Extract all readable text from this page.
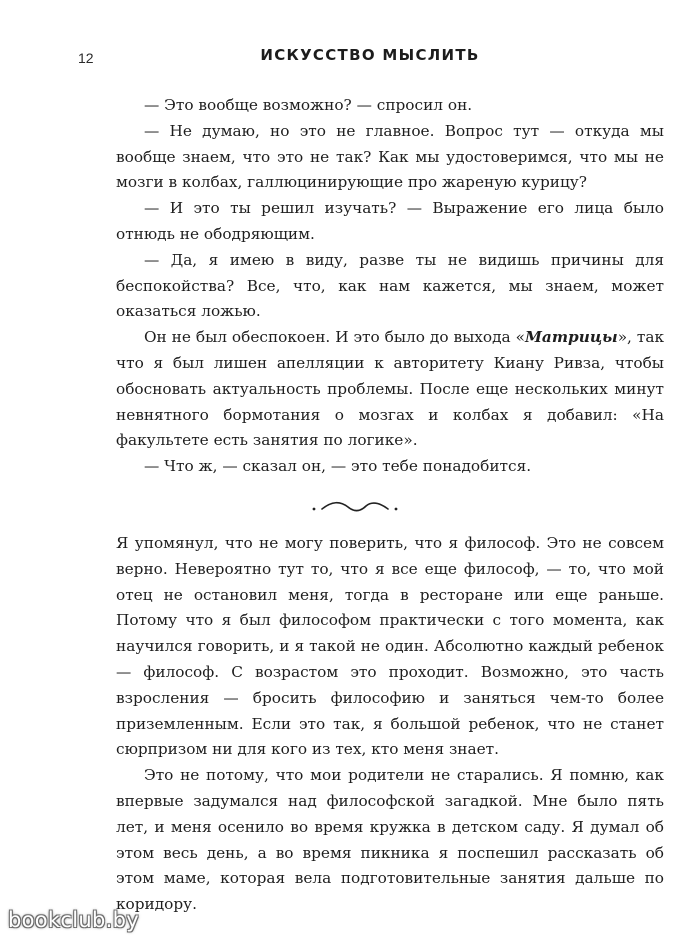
12	ИСКУССТВО МЫСЛИТЬ

— Это вообще возможно? — спросил он.

— Не думаю, но это не главное. Вопрос тут — откуда мы вообще знаем, что это не так? Как мы удостоверимся, что мы не мозги в колбах, галлюцинирующие про жареную курицу?

— И это ты решил изучать? — Выражение его лица было отнюдь не ободряющим.

— Да, я имею в виду, разве ты не видишь причины для беспокойства? Все, что, как нам кажется, мы знаем, может оказаться ложью.

Он не был обеспокоен. И это было до выхода «Матрицы», так что я был лишен апелляции к авторитету Киану Ривза, чтобы обосновать актуальность проблемы. После еще нескольких минут невнятного бормотания о мозгах и колбах я добавил: «На факультете есть занятия по логике».

— Что ж, — сказал он, — это тебе понадобится.

Я упомянул, что не могу поверить, что я философ. Это не совсем верно. Невероятно тут то, что я все еще философ, — то, что мой отец не остановил меня, тогда в ресторане или еще раньше. Потому что я был философом практически с того момента, как научился говорить, и я такой не один. Абсолютно каждый ребенок — философ. С возрастом это проходит. Возможно, это часть взросления — бросить философию и заняться чем-то более приземленным. Если это так, я большой ребенок, что не станет сюрпризом ни для кого из тех, кто меня знает.

Это не потому, что мои родители не старались. Я помню, как впервые задумался над философской загадкой. Мне было пять лет, и меня осенило во время кружка в детском саду. Я думал об этом весь день, а во время пикника я поспешил рассказать об этом маме, которая вела подготовительные занятия дальше по коридору.

bookclub.by
